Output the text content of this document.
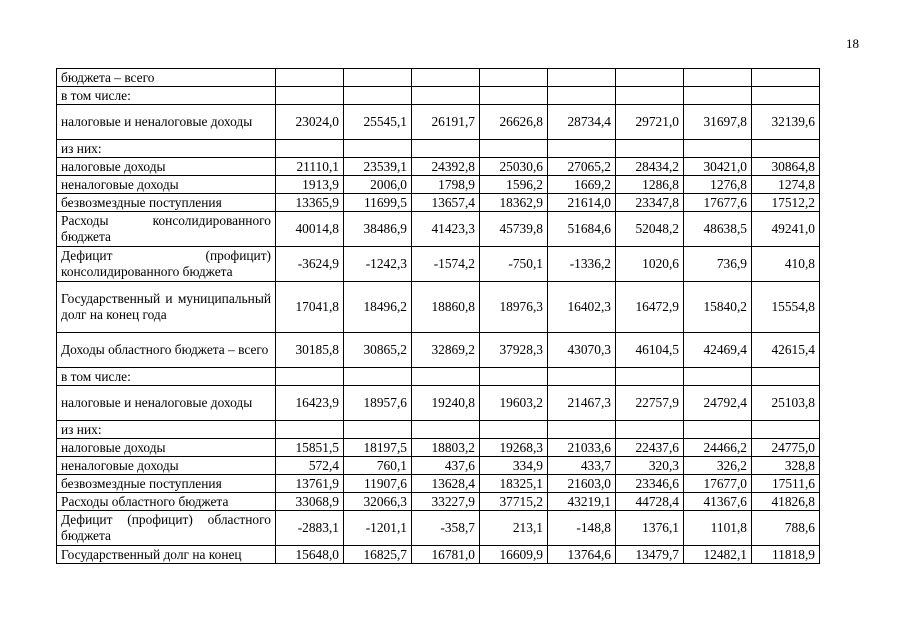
18
бюджета – всего								
в том числе:								
налоговые и неналоговые доходы	23024,0	25545,1	26191,7	26626,8	28734,4	29721,0	31697,8	32139,6
из них:								
налоговые доходы	21110,1	23539,1	24392,8	25030,6	27065,2	28434,2	30421,0	30864,8
неналоговые доходы	1913,9	2006,0	1798,9	1596,2	1669,2	1286,8	1276,8	1274,8
безвозмездные поступления	13365,9	11699,5	13657,4	18362,9	21614,0	23347,8	17677,6	17512,2
Расходы консолидированного бюджета	40014,8	38486,9	41423,3	45739,8	51684,6	52048,2	48638,5	49241,0
Дефицит (профицит) консолидированного бюджета	-3624,9	-1242,3	-1574,2	-750,1	-1336,2	1020,6	736,9	410,8
Государственный и муниципальный долг на конец года	17041,8	18496,2	18860,8	18976,3	16402,3	16472,9	15840,2	15554,8
Доходы областного бюджета – всего	30185,8	30865,2	32869,2	37928,3	43070,3	46104,5	42469,4	42615,4
в том числе:								
налоговые и неналоговые доходы	16423,9	18957,6	19240,8	19603,2	21467,3	22757,9	24792,4	25103,8
из них:								
налоговые доходы	15851,5	18197,5	18803,2	19268,3	21033,6	22437,6	24466,2	24775,0
неналоговые доходы	572,4	760,1	437,6	334,9	433,7	320,3	326,2	328,8
безвозмездные поступления	13761,9	11907,6	13628,4	18325,1	21603,0	23346,6	17677,0	17511,6
Расходы областного бюджета	33068,9	32066,3	33227,9	37715,2	43219,1	44728,4	41367,6	41826,8
Дефицит (профицит) областного бюджета	-2883,1	-1201,1	-358,7	213,1	-148,8	1376,1	1101,8	788,6
Государственный долг на конец	15648,0	16825,7	16781,0	16609,9	13764,6	13479,7	12482,1	11818,9
